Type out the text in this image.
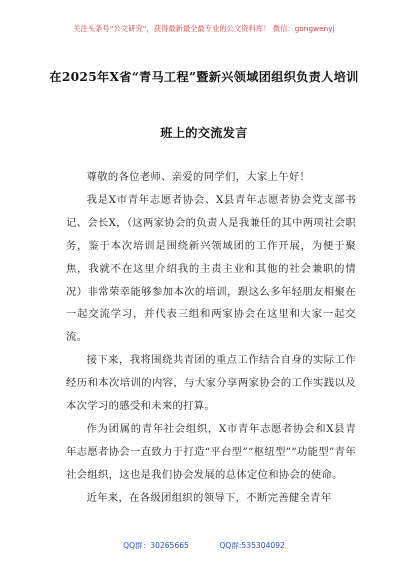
关注头条号“公文研究”，获得最新最全最专业的公文资料库！ 微信：gongwenyj
在2025年X省“青马工程”暨新兴领域团组织负责人培训
班上的交流发言

尊敬的各位老师、亲爱的同学们，大家上午好！

我是X市青年志愿者协会、X县青年志愿者协会党支部书记、会长X，（这两家协会的负责人是我兼任的其中两项社会职务，鉴于本次培训是围绕新兴领域团的工作开展，为便于聚焦，我就不在这里介绍我的主责主业和其他的社会兼职的情况）非常荣幸能够参加本次的培训，跟这么多年轻朋友相聚在一起交流学习，并代表三组和两家协会在这里和大家一起交流。

接下来，我将围绕共青团的重点工作结合自身的实际工作经历和本次培训的内容，与大家分享两家协会的工作实践以及本次学习的感受和未来的打算。

作为团属的青年社会组织，X市青年志愿者协会和X县青年志愿者协会一直致力于打造“平台型”“枢纽型”“功能型”青年社会组织，这也是我们协会发展的总体定位和协会的使命。

近年来，在各级团组织的领导下，不断完善健全青年

QQ群：30265665	QQ群:535304092
